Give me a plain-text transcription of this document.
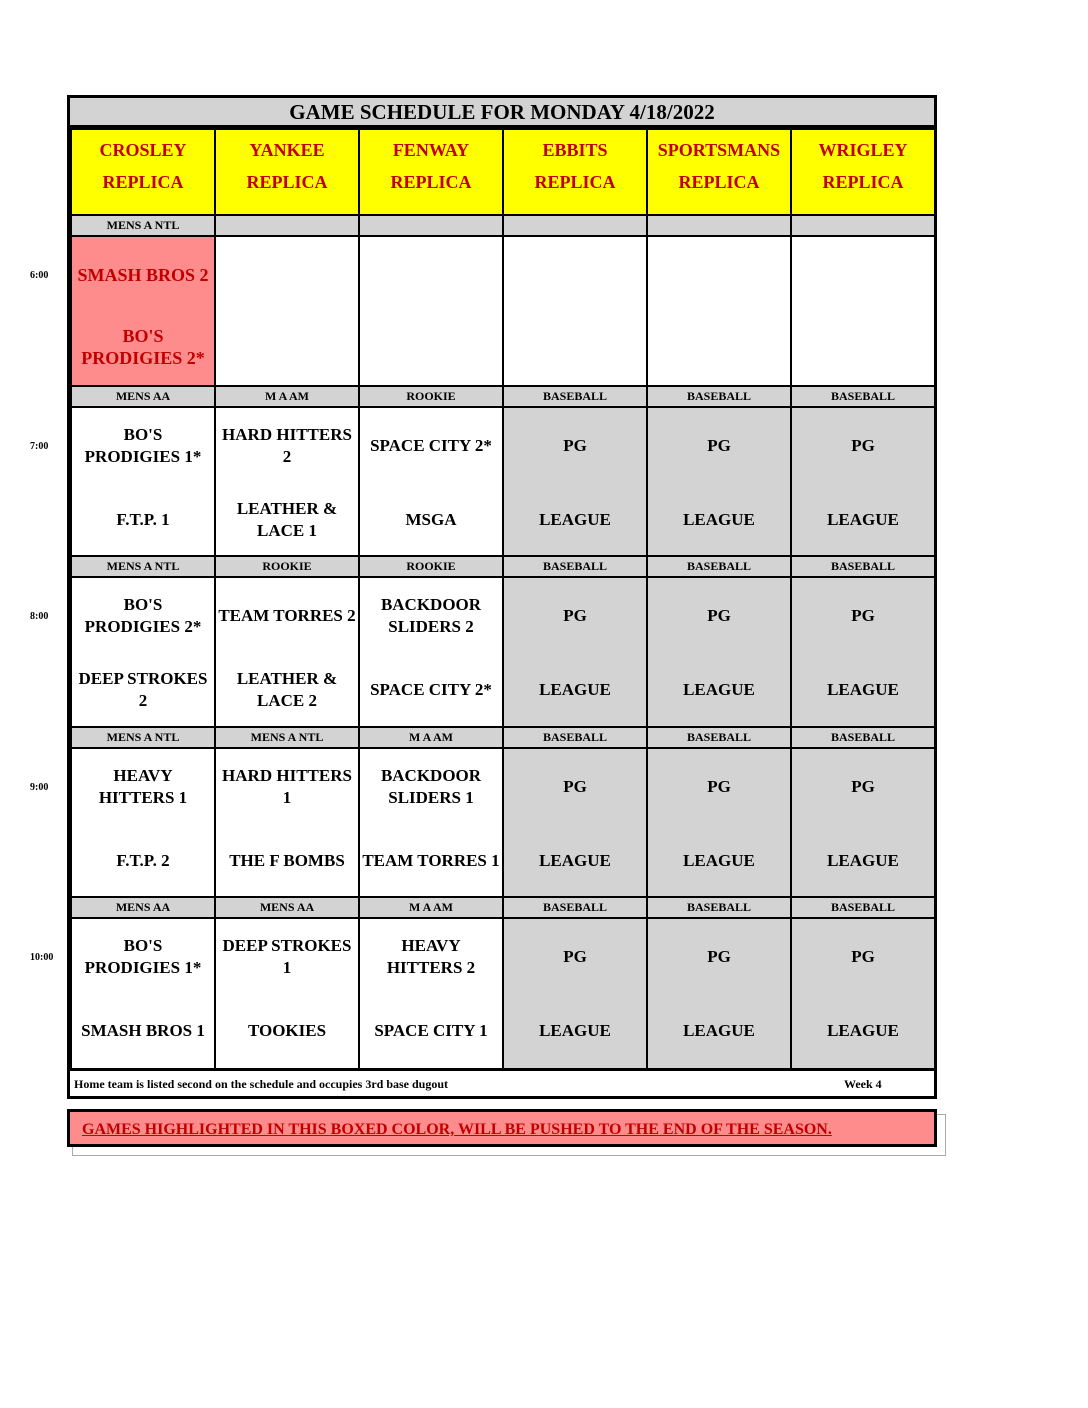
GAME SCHEDULE FOR MONDAY 4/18/2022
CROSLEY
REPLICA
YANKEE
REPLICA
FENWAY
REPLICA
EBBITS
REPLICA
SPORTSMANS
REPLICA
WRIGLEY
REPLICA
MENS A NTL
SMASH BROS 2
BO'S PRODIGIES 2*
MENS AA
BO'S PRODIGIES 1*
F.T.P. 1
M A AM
HARD HITTERS 2
LEATHER & LACE 1
ROOKIE
SPACE CITY 2*
MSGA
BASEBALL
PG
LEAGUE
BASEBALL
PG
LEAGUE
BASEBALL
PG
LEAGUE
MENS A NTL
BO'S PRODIGIES 2*
DEEP STROKES 2
ROOKIE
TEAM TORRES 2
LEATHER & LACE 2
ROOKIE
BACKDOOR SLIDERS 2
SPACE CITY 2*
BASEBALL
PG
LEAGUE
BASEBALL
PG
LEAGUE
BASEBALL
PG
LEAGUE
MENS A NTL
HEAVY HITTERS 1
F.T.P. 2
MENS A NTL
HARD HITTERS 1
THE F BOMBS
M A AM
BACKDOOR SLIDERS 1
TEAM TORRES 1
BASEBALL
PG
LEAGUE
BASEBALL
PG
LEAGUE
BASEBALL
PG
LEAGUE
MENS AA
BO'S PRODIGIES 1*
SMASH BROS 1
MENS AA
DEEP STROKES 1
TOOKIES
M A AM
HEAVY HITTERS 2
SPACE CITY 1
BASEBALL
PG
LEAGUE
BASEBALL
PG
LEAGUE
BASEBALL
PG
LEAGUE
Home team is listed second on the schedule and occupies 3rd base dugout	Week 4
6:00
7:00
8:00
9:00
10:00
GAMES HIGHLIGHTED IN THIS BOXED COLOR, WILL BE PUSHED TO THE END OF THE SEASON.
